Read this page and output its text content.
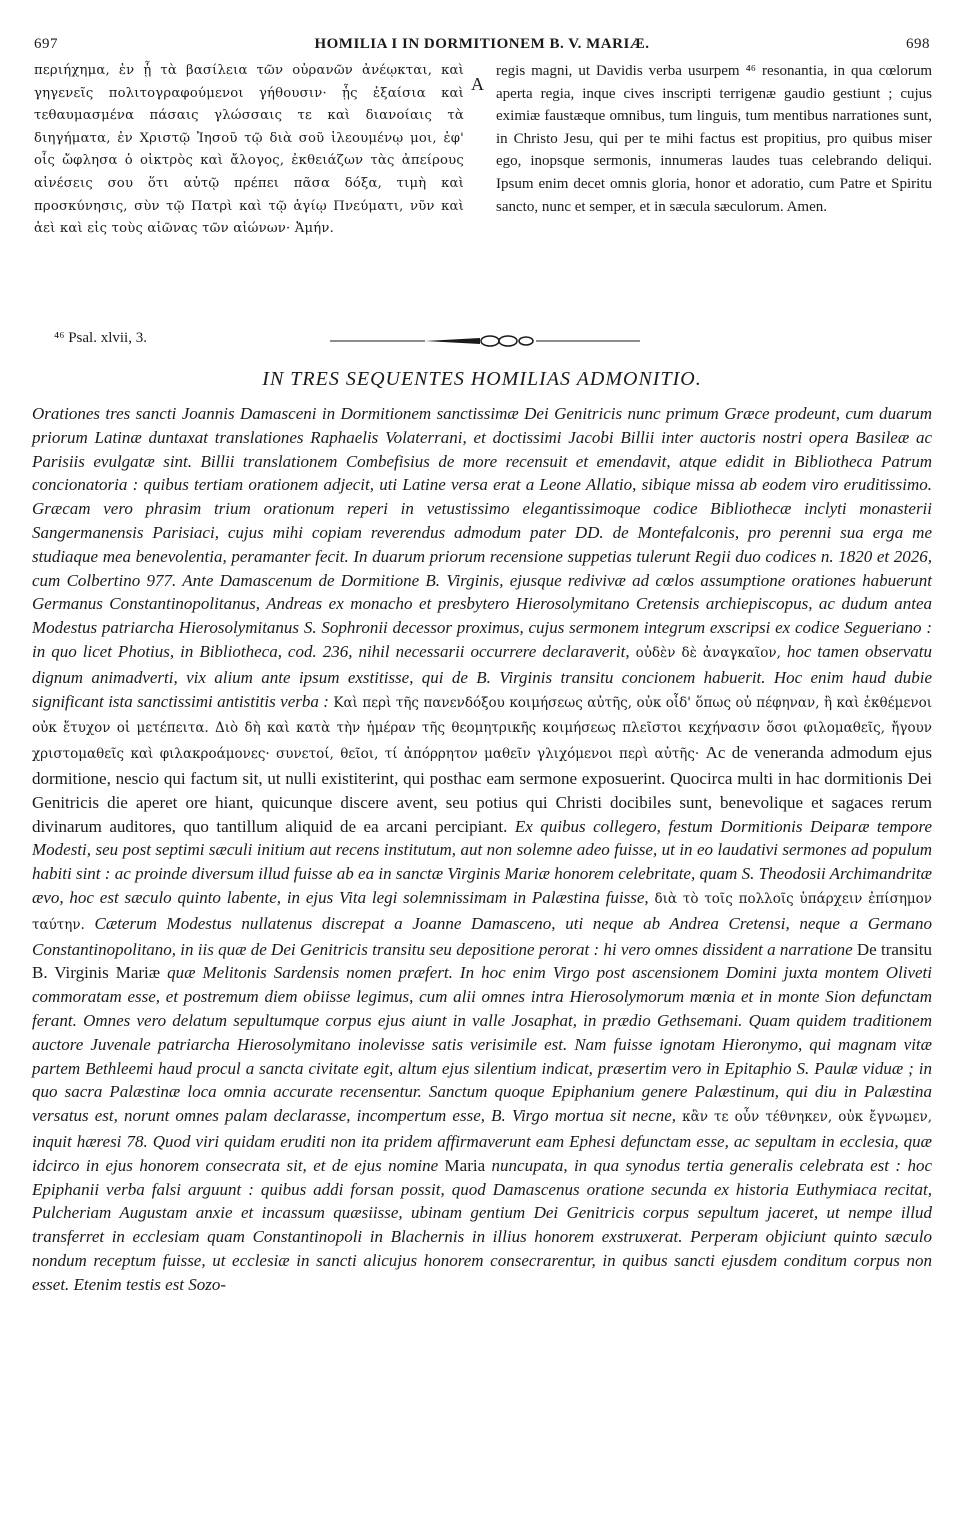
697	HOMILIA I IN DORMITIONEM B. V. MARIÆ.	698
περιήχημα, ἐν ᾗ τὰ βασίλεια τῶν οὐρανῶν ἀνέῳκται, καὶ γηγενεῖς πολιτογραφούμενοι γήθουσιν· ᾗς ἐξαίσια καὶ τεθαυμασμένα πάσαις γλώσσαις τε καὶ διανοίαις τὰ διηγήματα, ἐν Χριστῷ Ἰησοῦ τῷ διὰ σοῦ ἱλεουμένῳ μοι, ἐφ' οἷς ὤφλησα ὁ οἰκτρὸς καὶ ἄλογος, ἐκθειάζων τὰς ἀπείρους αἰνέσεις σου ὅτι αὐτῷ πρέπει πᾶσα δόξα, τιμὴ καὶ προσκύνησις, σὺν τῷ Πατρὶ καὶ τῷ ἁγίῳ Πνεύματι, νῦν καὶ ἀεὶ καὶ εἰς τοὺς αἰῶνας τῶν αἰώνων· Ἀμήν.
A
regis magni, ut Davidis verba usurpem ⁴⁶ resonantia, in qua cœlorum aperta regia, inque cives inscripti terrigenæ gaudio gestiunt ; cujus eximiæ faustæque omnibus, tum linguis, tum mentibus narrationes sunt, in Christo Jesu, qui per te mihi factus est propitius, pro quibus miser ego, inopsque sermonis, innumeras laudes tuas celebrando deliqui. Ipsum enim decet omnis gloria, honor et adoratio, cum Patre et Spiritu sancto, nunc et semper, et in sæcula sæculorum. Amen.
⁴⁶ Psal. xlvii, 3.
IN TRES SEQUENTES HOMILIAS ADMONITIO.
Orationes tres sancti Joannis Damasceni in Dormitionem sanctissimæ Dei Genitricis nunc primum Græce prodeunt, cum duarum priorum Latinæ duntaxat translationes Raphaelis Volaterrani, et doctissimi Jacobi Billii inter auctoris nostri opera Basileæ ac Parisiis evulgatæ sint. Billii translationem Combefisius de more recensuit et emendavit, atque edidit in Bibliotheca Patrum concionatoria : quibus tertiam orationem adjecit, uti Latine versa erat a Leone Allatio, sibique missa ab eodem viro eruditissimo. Græcam vero phrasim trium orationum reperi in vetustissimo elegantissimoque codice Bibliothecæ inclyti monasterii Sangermanensis Parisiaci, cujus mihi copiam reverendus admodum pater DD. de Montefalconis, pro perenni sua erga me studiaque mea benevolentia, peramanter fecit. In duarum priorum recensione suppetias tulerunt Regii duo codices n. 1820 et 2026, cum Colbertino 977. Ante Damascenum de Dormitione B. Virginis, ejusque redivivæ ad cœlos assumptione orationes habuerunt Germanus Constantinopolitanus, Andreas ex monacho et presbytero Hierosolymitano Cretensis archiepiscopus, ac dudum antea Modestus patriarcha Hierosolymitanus S. Sophronii decessor proximus, cujus sermonem integrum exscripsi ex codice Segueriano : in quo licet Photius, in Bibliotheca, cod. 236, nihil necessarii occurrere declaraverit, οὐδὲν δὲ ἀναγκαῖον, hoc tamen observatu dignum animadverti, vix alium ante ipsum exstitisse, qui de B. Virginis transitu concionem habuerit. Hoc enim haud dubie significant ista sanctissimi antistitis verba : Καὶ περὶ τῆς πανενδόξου κοιμήσεως αὐτῆς, οὐκ οἶδ' ὅπως οὐ πέφηναν, ἢ καὶ ἐκθέμενοι οὐκ ἔτυχον οἱ μετέπειτα. Διὸ δὴ καὶ κατὰ τὴν ἡμέραν τῆς θεομητρικῆς κοιμήσεως πλεῖστοι κεχήνασιν ὅσοι φιλομαθεῖς, ἤγουν χριστομαθεῖς καὶ φιλακροάμονες· συνετοί, θεῖοι, τί ἀπόρρητον μαθεῖν γλιχόμενοι περὶ αὐτῆς· Ac de veneranda admodum ejus dormitione, nescio qui factum sit, ut nulli existiterint, qui posthac eam sermone exposuerint. Quocirca multi in hac dormitionis Dei Genitricis die aperet ore hiant, quicunque discere avent, seu potius qui Christi docibiles sunt, benevolique et sagaces rerum divinarum auditores, quo tantillum aliquid de ea arcani percipiant. Ex quibus collegero, festum Dormitionis Deiparæ tempore Modesti, seu post septimi sæculi initium aut recens institutum, aut non solemne adeo fuisse, ut in eo laudativi sermones ad populum habiti sint : ac proinde diversum illud fuisse ab ea in sanctæ Virginis Mariæ honorem celebritate, quam S. Theodosii Archimandritæ ævo, hoc est sæculo quinto labente, in ejus Vita legi solemnissimam in Palæstina fuisse, διὰ τὸ τοῖς πολλοῖς ὑπάρχειν ἐπίσημον ταύτην. Cæterum Modestus nullatenus discrepat a Joanne Damasceno, uti neque ab Andrea Cretensi, neque a Germano Constantinopolitano, in iis quæ de Dei Genitricis transitu seu depositione perorat : hi vero omnes dissident a narratione De transitu B. Virginis Mariæ quæ Melitonis Sardensis nomen præfert. In hoc enim Virgo post ascensionem Domini juxta montem Oliveti commoratam esse, et postremum diem obiisse legimus, cum alii omnes intra Hierosolymorum mœnia et in monte Sion defunctam ferant. Omnes vero delatum sepultumque corpus ejus aiunt in valle Josaphat, in prædio Gethsemani. Quam quidem traditionem auctore Juvenale patriarcha Hierosolymitano inolevisse satis verisimile est. Nam fuisse ignotam Hieronymo, qui magnam vitæ partem Bethleemi haud procul a sancta civitate egit, altum ejus silentium indicat, præsertim vero in Epitaphio S. Paulæ viduæ ; in quo sacra Palæstinæ loca omnia accurate recensentur. Sanctum quoque Epiphanium genere Palæstinum, qui diu in Palæstina versatus est, norunt omnes palam declarasse, incompertum esse, B. Virgo mortua sit necne, κἂν τε οὖν τέθνηκεν, οὐκ ἔγνωμεν, inquit hæresi 78. Quod viri quidam eruditi non ita pridem affirmaverunt eam Ephesi defunctam esse, ac sepultam in ecclesia, quæ idcirco in ejus honorem consecrata sit, et de ejus nomine Maria nuncupata, in qua synodus tertia generalis celebrata est : hoc Epiphanii verba falsi arguunt : quibus addi forsan possit, quod Damascenus oratione secunda ex historia Euthymiaca recitat, Pulcheriam Augustam anxie et incassum quæsiisse, ubinam gentium Dei Genitricis corpus sepultum jaceret, ut nempe illud transferret in ecclesiam quam Constantinopoli in Blachernis in illius honorem exstruxerat. Perperam objiciunt quinto sæculo nondum receptum fuisse, ut ecclesiæ in sancti alicujus honorem consecrarentur, in quibus sancti ejusdem conditum corpus non esset. Etenim testis est Sozo-
